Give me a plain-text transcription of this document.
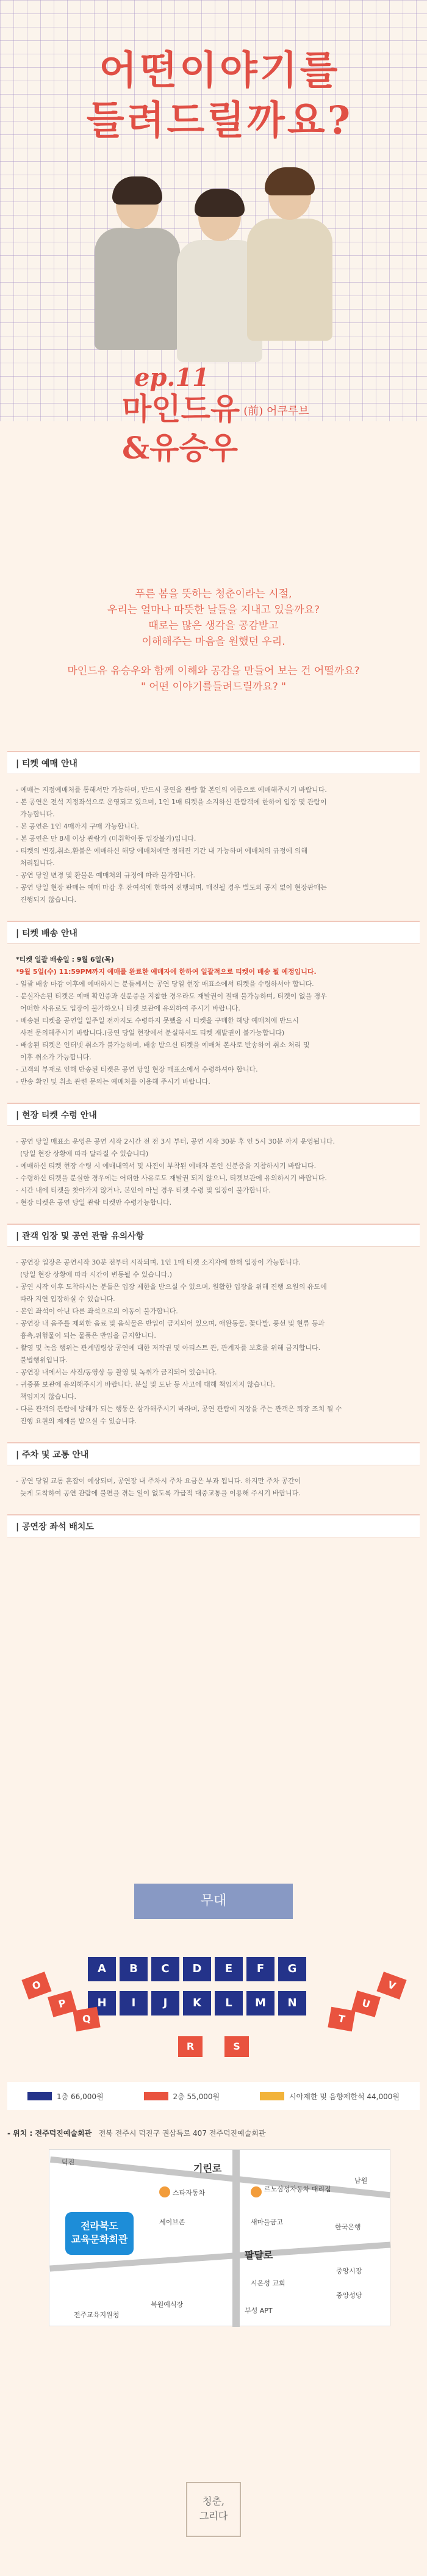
어떤이야기를
들려드릴까요?
ep.11
마인드유 (前) 어쿠루브
&유승우

푸른 봄을 뜻하는 청춘이라는 시절,

우리는 얼마나 따뜻한 날들을 지내고 있을까요?

때로는 많은 생각을 공감받고

이해해주는 마음을 원했던 우리.

마인드유 유승우와 함께 이해와 공감을 만들어 보는 건 어떨까요?

" 어떤 이야기를들려드릴까요? "

| 티켓 예매 안내
- 예매는 지정예매처를 통해서만 가능하며, 반드시 공연을 관람 할 본인의 이름으로 예매해주시기 바랍니다.
- 본 공연은 전석 지정좌석으로 운영되고 있으며, 1인 1매 티켓을 소지하신 관람객에 한하여 입장 및 관람이
가능합니다.
- 본 공연은 1인 4매까지 구매 가능합니다.
- 본 공연은 만 8세 이상 관람가 (미취학아동 입장불가)입니다.
- 티켓의 변경,취소,환불은 예매하신 해당 예매처에만 정해진 기간 내 가능하며 예매처의 규정에 의해
처리됩니다.
- 공연 당일 변경 및 환불은 예매처의 규정에 따라 불가합니다.
- 공연 당일 현장 판매는 예매 마감 후 잔여석에 한하여 진행되며, 매진될 경우 별도의 공지 없이 현장판매는
진행되지 않습니다.
| 티켓 배송 안내
*티켓 일괄 배송일 : 9월 6일(목)
*9월 5일(수) 11:59PM까지 예매를 완료한 예매자에 한하여 일괄적으로 티켓이 배송 될 예정입니다.
- 일괄 배송 마감 이후에 예매하시는 분들께서는 공연 당일 현장 매표소에서 티켓을 수령하셔야 합니다.
- 분실자손된 티켓은 예매 확인증과 신분증을 지참한 경우라도 재발권이 절대 불가능하며, 티켓이 없을 경우
어떠한 사유로도 입장이 불가하오니 티켓 보관에 유의하여 주시기 바랍니다.
- 배송된 티켓을 공연일 일주일 전까지도 수령하지 못했을 시 티켓을 구매한 해당 예매처에 반드시
사전 문의해주시기 바랍니다.(공연 당일 현장에서 분실하셔도 티켓 재발권이 불가능합니다)
- 배송된 티켓은 인터넷 취소가 불가능하며, 배송 받으신 티켓을 예매처 본사로 반송하여 취소 처리 및
이후 취소가 가능합니다.
- 고객의 부재로 인해 반송된 티켓은 공연 당일 현장 매표소에서 수령하셔야 합니다.
- 반송 확인 및 취소 관련 문의는 예매처를 이용해 주시기 바랍니다.
| 현장 티켓 수령 안내
- 공연 당일 매표소 운영은 공연 시작 2시간 전 전 3시 부터, 공연 시작 30분 후 인 5시 30분 까지 운영됩니다.
(당일 현장 상황에 따라 달라질 수 있습니다)
- 예매하신 티켓 현장 수령 시 예매내역서 및 사진이 부착된 예매자 본인 신분증을 지참하시기 바랍니다.
- 수령하신 티켓을 분실한 경우에는 어떠한 사유로도 재발권 되지 않으니, 티켓보관에 유의하시기 바랍니다.
- 시간 내에 티켓을 찾아가지 않거나, 본인이 아닐 경우 티켓 수령 및 입장이 불가합니다.
- 현장 티켓은 공연 당일 관람 티켓만 수령가능합니다.
| 관객 입장 및 공연 관람 유의사항
- 공연장 입장은 공연시작 30분 전부터 시작되며, 1인 1매 티켓 소지자에 한해 입장이 가능합니다.
(당일 현장 상황에 따라 시간이 변동될 수 있습니다.)
- 공연 시작 이후 도착하시는 분들은 입장 제한을 받으실 수 있으며, 원활한 입장을 위해 진행 요원의 유도에
따라 지연 입장하실 수 있습니다.
- 본인 좌석이 아닌 다른 좌석으로의 이동이 불가합니다.
- 공연장 내 음주를 제외한 음료 및 음식물은 반입이 금지되어 있으며, 애완동물, 꽃다발, 풍선 및 현류 등과
흉측,위험물이 되는 물품은 반입을 금지합니다.
- 촬영 및 녹음 행위는 관계법령상 공연에 대한 저작권 및 아티스트 관, 관계자를 보호를 위해 금지합니다.
불법행위입니다.
- 공연장 내에서는 사진/동영상 등 촬영 및 녹취가 금지되어 있습니다.
- 귀중품 보관에 유의해주시기 바랍니다. 분실 및 도난 등 사고에 대해 책임지지 않습니다.
책임지지 않습니다.
- 다른 관객의 관람에 방해가 되는 행동은 삼가해주시기 바라며, 공연 관람에 지장을 주는 관객은 퇴장 조치 될 수
진행 요원의 제재를 받으실 수 있습니다.
| 주차 및 교통 안내
- 공연 당일 교통 혼잡이 예상되며, 공연장 내 주차시 주차 요금은 부과 됩니다. 하지만 주차 공간이
늦게 도착하여 공연 관람에 불편을 겪는 일이 없도록 가급적 대중교통을 이용해 주시기 바랍니다.
| 공연장 좌석 배치도
무대
A	B	C	D	E	F	G
H	I	J	K	L	M	N
O
P
Q
V
U
T
R	S
1층 66,000원	2층 55,000원	시야제한 및 음향제한석 44,000원
- 위치 : 전주덕진예술회관 전북 전주시 덕진구 권삼득로 407 전주덕진예술회관
전라북도
교육문화회관
덕진
기린로
남원
스타자동차	르노삼성자동차 대리점
세이브존
한국은행
새마을금고
팔달로
시온성 교회
중앙시장
중앙성당
북원예식장
전주교육지원청
부성 APT
청춘,
그리다
